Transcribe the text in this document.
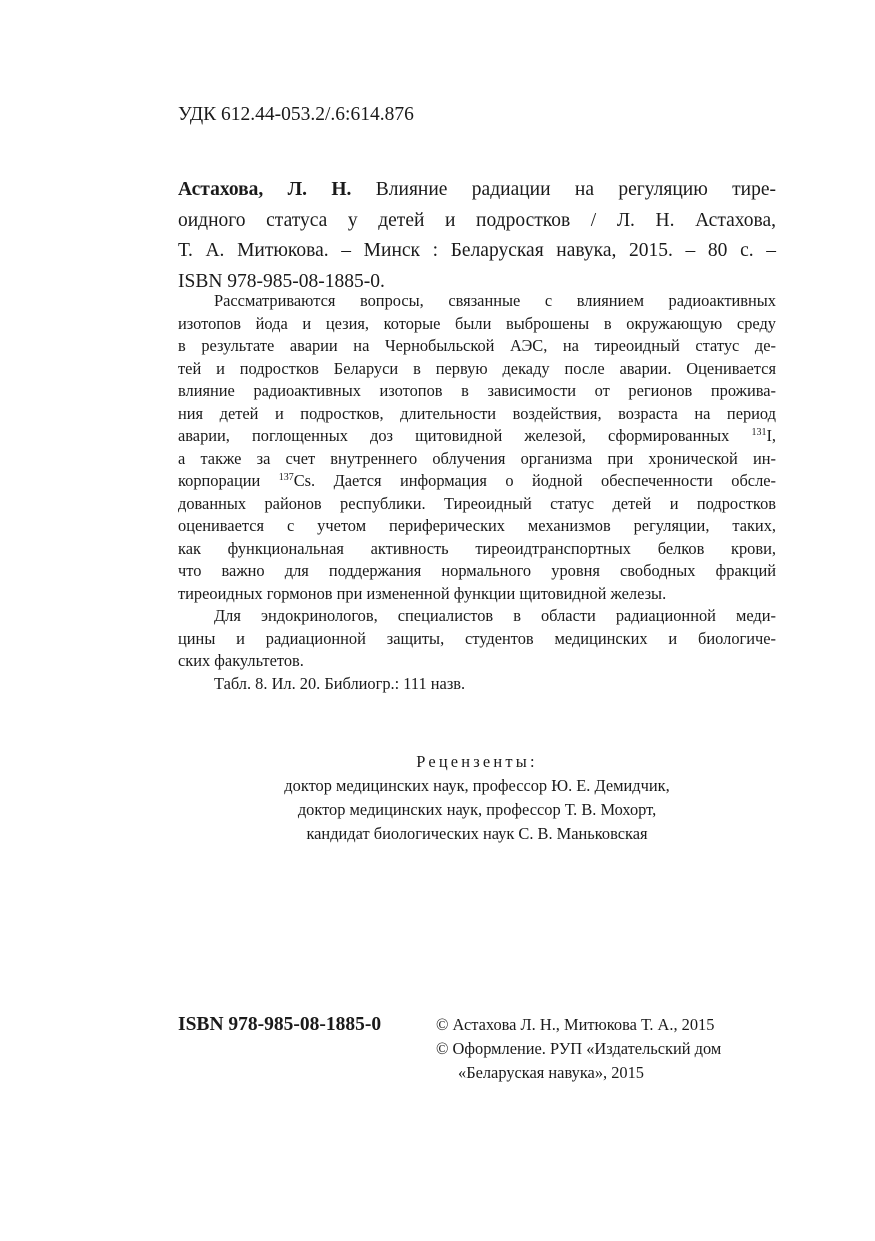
УДК 612.44-053.2/.6:614.876
Астахова, Л. Н. Влияние радиации на регуляцию тире-
оидного статуса у детей и подростков / Л. Н. Астахова,
Т. А. Митюкова. – Минск : Беларуская навука, 2015. – 80 с. –
ISBN 978-985-08-1885-0.
Рассматриваются вопросы, связанные с влиянием радиоактивных
изотопов йода и цезия, которые были выброшены в окружающую среду
в результате аварии на Чернобыльской АЭС, на тиреоидный статус де-
тей и подростков Беларуси в первую декаду после аварии. Оценивается
влияние радиоактивных изотопов в зависимости от регионов прожива-
ния детей и подростков, длительности воздействия, возраста на период
аварии, поглощенных доз щитовидной железой, сформированных $^{131}$I,
а также за счет внутреннего облучения организма при хронической ин-
корпорации $^{137}$Cs. Дается информация о йодной обеспеченности обсле-
дованных районов республики. Тиреоидный статус детей и подростков
оценивается с учетом периферических механизмов регуляции, таких,
как функциональная активность тиреоидтранспортных белков крови,
что важно для поддержания нормального уровня свободных фракций
тиреоидных гормонов при измененной функции щитовидной железы.
Для эндокринологов, специалистов в области радиационной меди-
цины и радиационной защиты, студентов медицинских и биологиче-
ских факультетов.
Табл. 8. Ил. 20. Библиогр.: 111 назв.
Рецензенты:
доктор медицинских наук, профессор Ю. Е. Демидчик,
доктор медицинских наук, профессор Т. В. Мохорт,
кандидат биологических наук С. В. Маньковская
ISBN 978-985-08-1885-0	© Астахова Л. Н., Митюкова Т. А., 2015
© Оформление. РУП «Издательский дом
«Беларуская навука», 2015
